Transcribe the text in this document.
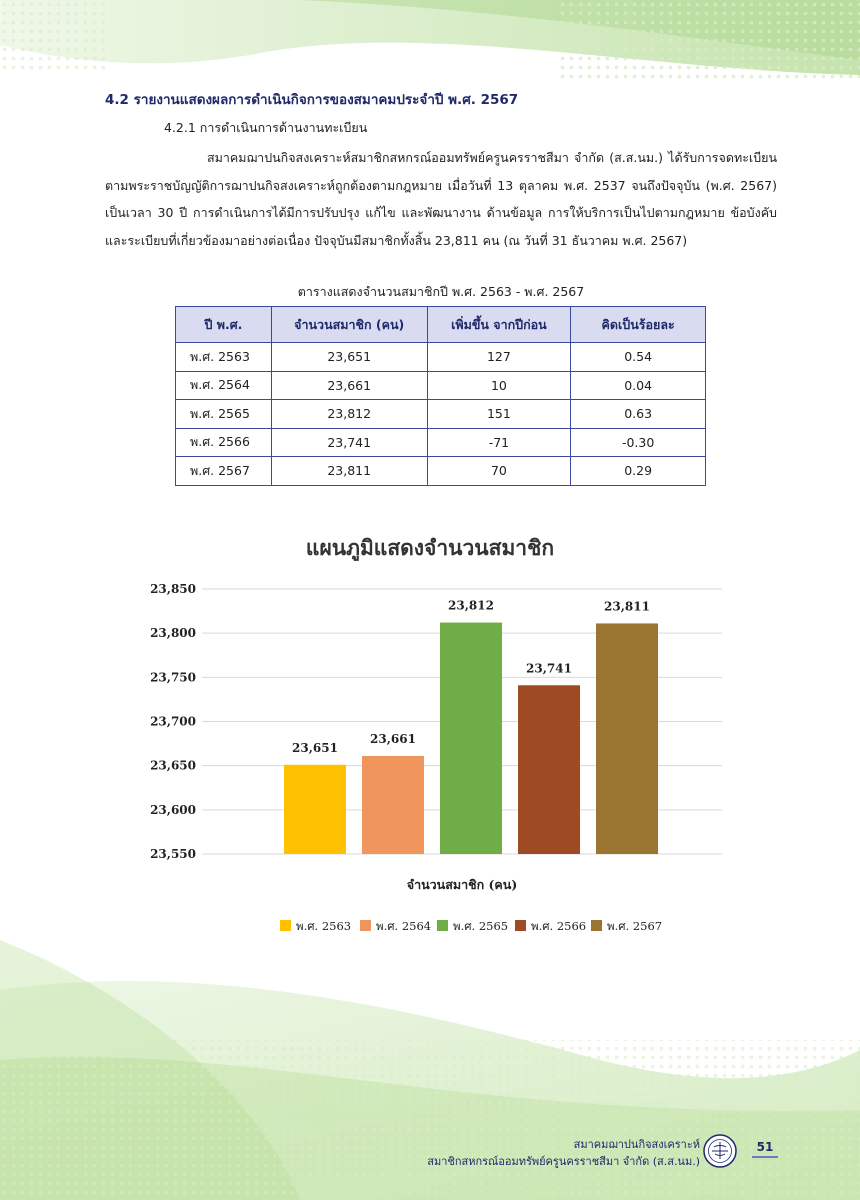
4.2 รายงานแสดงผลการดำเนินกิจการของสมาคมประจำปี พ.ศ. 2567
4.2.1 การดำเนินการด้านงานทะเบียน
สมาคมฌาปนกิจสงเคราะห์สมาชิกสหกรณ์ออมทรัพย์ครูนครราชสีมา จำกัด (ส.ส.นม.) ได้รับการจดทะเบียนตามพระราชบัญญัติการฌาปนกิจสงเคราะห์ถูกต้องตามกฎหมาย เมื่อวันที่ 13 ตุลาคม พ.ศ. 2537 จนถึงปัจจุบัน (พ.ศ. 2567) เป็นเวลา 30 ปี การดำเนินการได้มีการปรับปรุง แก้ไข และพัฒนางาน ด้านข้อมูล การให้บริการเป็นไปตามกฎหมาย ข้อบังคับ และระเบียบที่เกี่ยวข้องมาอย่างต่อเนื่อง ปัจจุบันมีสมาชิกทั้งสิ้น 23,811 คน (ณ วันที่ 31 ธันวาคม พ.ศ. 2567)
ตารางแสดงจำนวนสมาชิกปี พ.ศ. 2563 - พ.ศ. 2567
ปี พ.ศ.	จำนวนสมาชิก (คน)	เพิ่มขึ้น จากปีก่อน	คิดเป็นร้อยละ
พ.ศ. 2563	23,651	127	0.54
พ.ศ. 2564	23,661	10	0.04
พ.ศ. 2565	23,812	151	0.63
พ.ศ. 2566	23,741	-71	-0.30
พ.ศ. 2567	23,811	70	0.29
แผนภูมิแสดงจำนวนสมาชิก
23,550
23,600
23,650
23,700
23,750
23,800
23,850
23,651
23,661
23,812
23,741
23,811
จำนวนสมาชิก (คน)
พ.ศ. 2563 พ.ศ. 2564 พ.ศ. 2565 พ.ศ. 2566 พ.ศ. 2567
สมาคมฌาปนกิจสงเคราะห์
สมาชิกสหกรณ์ออมทรัพย์ครูนครราชสีมา จำกัด (ส.ส.นม.)
51
